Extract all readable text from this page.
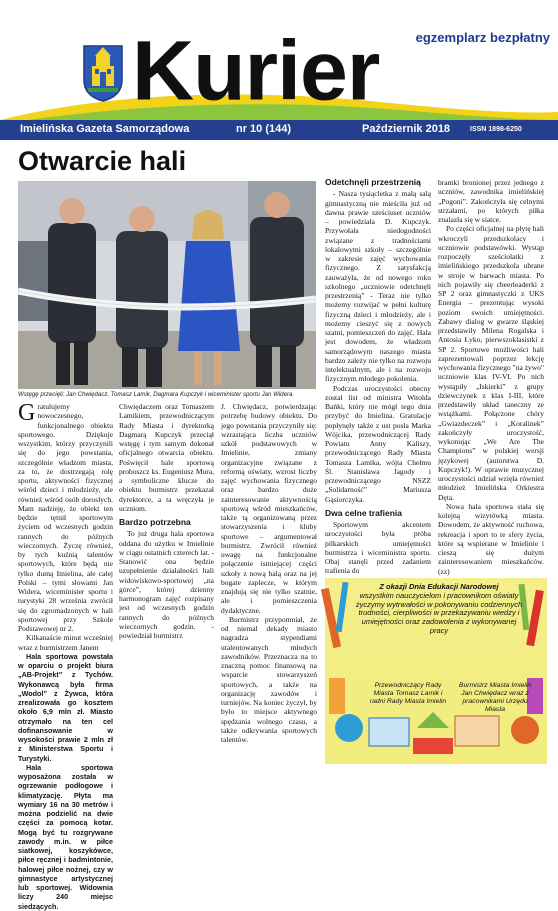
egzemplarz bezpłatny
Kurier
Imielińska Gazeta Samorządowa	nr 10 (144)	Październik 2018	ISSN 1898-6250
Otwarcie hali
Wstęgę przecięli: Jan Chwiędacz, Tomasz Lamik, Dagmara Kupczyk i wiceminister sportu Jan Widera.

Gratulujemy nowoczesnego, funkcjonalnego obiektu sportowego. Dziękuje wszystkim, którzy przyczynili się do jego powstania, szczególnie władzom miasta, za to, że dostrzegają rolę sportu, aktywności fizycznej wśród dzieci i młodzieży, ale również wśród osób dorosłych. Mam nadzieję, że obiekt ten będzie tętnił sportowym życiem od wczesnych godzin rannych do późnych wieczornych. Życzę również, by tych kuźnią talentów sportowych, które będą nie tylko dumą Imielina, ale całej Polski – tymi słowami Jan Widera, wiceminister sportu i turystyki 28 września zwrócił się do zgromadzonych w hali sportowej przy Szkole Podstawowej nr 2.

Kilkanaście minut wcześniej wraz z burmistrzem Janem

Hala sportowa powstała w oparciu o projekt biura „AB-Projekt” z Tychów. Wykonawcą była firma „Wodol” z Żywca, która zrealizowała go kosztem około 6,9 mln zł. Miasto otrzymało na ten cel dofinansowanie w wysokości prawie 2 mln zł z Ministerstwa Sportu i Turystyki.

Hala sportowa wyposażona została w ogrzewanie podłogowe i klimatyzację. Płyta ma wymiary 16 na 30 metrów i można podzielić na dwie części za pomocą kotar. Mogą być tu rozgrywane zawody m.in. w piłce siatkowej, koszykówce, piłce ręcznej i badmintonie, halowej piłce nożnej, czy w gimnastyce artystycznej lub sportowej. Widownia liczy 240 miejsc siedzących.

Chwiędaczem oraz Tomaszem Lamikiem, przewodniczącym Rady Miasta i dyrektorką Dagmarą Kupczyk przeciął wstęgę i tym samym dokonał oficjalnego otwarcia obiektu. Poświęcił hale sportową proboszcz ks. Eugeniusz Mura, a symboliczne klucze do obiektu burmistrz przekazał dyrektorce, a ta wręczyła je uczniom.

Bardzo potrzebna

To już druga hala sportowa oddana do użytku w Imielinie w ciągu ostatnich czterech lat. - Stanowić ona będzie uzupełnienie działalności hali widowiskowo-sportowej „na górce”, której dzienny harmonogram zajęć rozpisany jest od wczesnych godzin rannych do późnych wieczornych godzin. - powiedział burmistrz

J. Chwiędacz, potwierdzając potrzebę budowy obiektu. Do jego powstania przyczyniły się: wzrastająca liczba uczniów szkół podstawowych w Imielinie, zmiany organizacyjne związane z reformą oświaty, wzrost liczby zajęć wychowania fizycznego oraz bardzo duże zainteresowanie aktywnością sportową wśród mieszkańców, także tą organizowaną przez stowarzyszenia i kluby sportowe – argumentował burmistrz. Zwrócił również uwagę na funkcjonalne połączenie istniejącej części szkoły z nową halą oraz na jej bogate zaplecze, w którym znajdują się nie tylko szatnie, ale i pomieszczenia dydaktyczne.

Burmistrz przypomniał, że od niemal dekady miasto nagradza stypendiami utalentowanych młodych zawodników. Przeznacza na to znaczną pomoc finansową na wsparcie stowarzyszeń sportowych, a także na organizację zawodów i turniejów. Na koniec życzył, by było to miejsce aktywnego spędzania wolnego czasu, a także odkrywania sportowych talentów.

Odetchnęli przestrzenią

- Nasza tysiącletka z małą salą gimnastyczną nie mieściła już od dawna prawie sześciuset uczniów – powiedziała D. Kupczyk. Przywołała niedogodności związane z tradnościami lokalowymi szkoły – szczególnie w zakresie zajęć wychowania fizycznego. Z satysfakcją zauważyła, że od nowego roku szkolnego „uczniowie odetchnęli przestrzenią” - Teraz nie tylko możemy rozwijać w pełni kulturę fizyczną dzieci i młodzieży, ale i możemy cieszyć się z nowych szatni, pomieszczeń do zajęć. Hala jest dowodem, że władzom samorządowym naszego miasta bardzo zależy nie tylko na rozwoju intelektualnym, ale i na rozwoju fizycznym młodego pokolenia.

Podczas uroczystości obecny został list od ministra Witolda Bańki, który nie mógł tego dnia przybyć do Imielina. Gratulacje popłynęły także z ust posła Marka Wójcika, przewodniczącej Rady Powiatu Anny Kaliszy, przewodniczącego Rady Miasta Tomasza Lamika, wójta Chełmu Śl. Stanisława Jagody i przewodniczącego NSZZ „Solidarność” Mariusza Gąsiorczyka.

Dwa celne trafienia

Sportowym akcentem uroczystości była próba pilkarskich umiejętności burmistrza i wiceministra sportu. Obaj stanęli przed zadaniem trafienia do

bramki bronionej przez jednego z uczniów, zawodnika imielińskiej „Pogoni”. Zakończyła się celnymi strzałami, po których piłka znalazła się w siatce.

Po części oficjalnej na płytę hali wkroczyli przedszkolacy i uczniowie podstawówki. Wystąp rozpoczęły sześciolatki z imielińskiego przedszkola ubrane w stroje w barwach miasta. Po nich pojawiły się cheerleaderki z SP 2 oraz gimnastyczki z UKS Energia – prezentując wysoki poziom swoich umiejętności. Zabawy dialog w gwarze śląskiej przedstawiły Milena Rogalska i Antosia Łyko, pierwszoklasistki z SP 2. Sportowe możliwości hali zaprezentowali poprzez lekcję wychowania fizycznego "na żywo" uczniowie klas IV-VI. Po nich wystąpiły „Iskierki” z grupy dziewczynek z klas I-III, które przedstawiły układ taneczny ze wstążkami. Połączone chóry „Gwiazdeczek” i „Koralinek” zakończyły uroczystość, wykonując „We Are The Champions” w polskiej wersji językowej (autorstwa D. Kupczyk!). W oprawie muzycznej uroczystości udział wzięła również młodzież Imielińska Orkiestra Dęta.

Nowa hala sportowa stała się kolejną wizytówką miasta. Dowodem, że aktywność ruchowa, rekreacja i sport to te sfery życia, które są wspierane w Imielinie i cieszą się dużym zainteresowaniem mieszkańców. (zz)

Z okazji Dnia Edukacji Narodowej
wszystkim nauczycielom i pracownikom oświaty życzymy wytrwałości w pokonywaniu codziennych trudności, cierpliwości w przekazywaniu wiedzy i umiejętności oraz zadowolenia z wykonywanej pracy
Przewodniczący Rady Miasta Tomasz Lamik i radni Rady Miasta Imielin
Burmistrz Miasta Imielin Jan Chwiędacz wraz z pracownikami Urzędu Miasta
